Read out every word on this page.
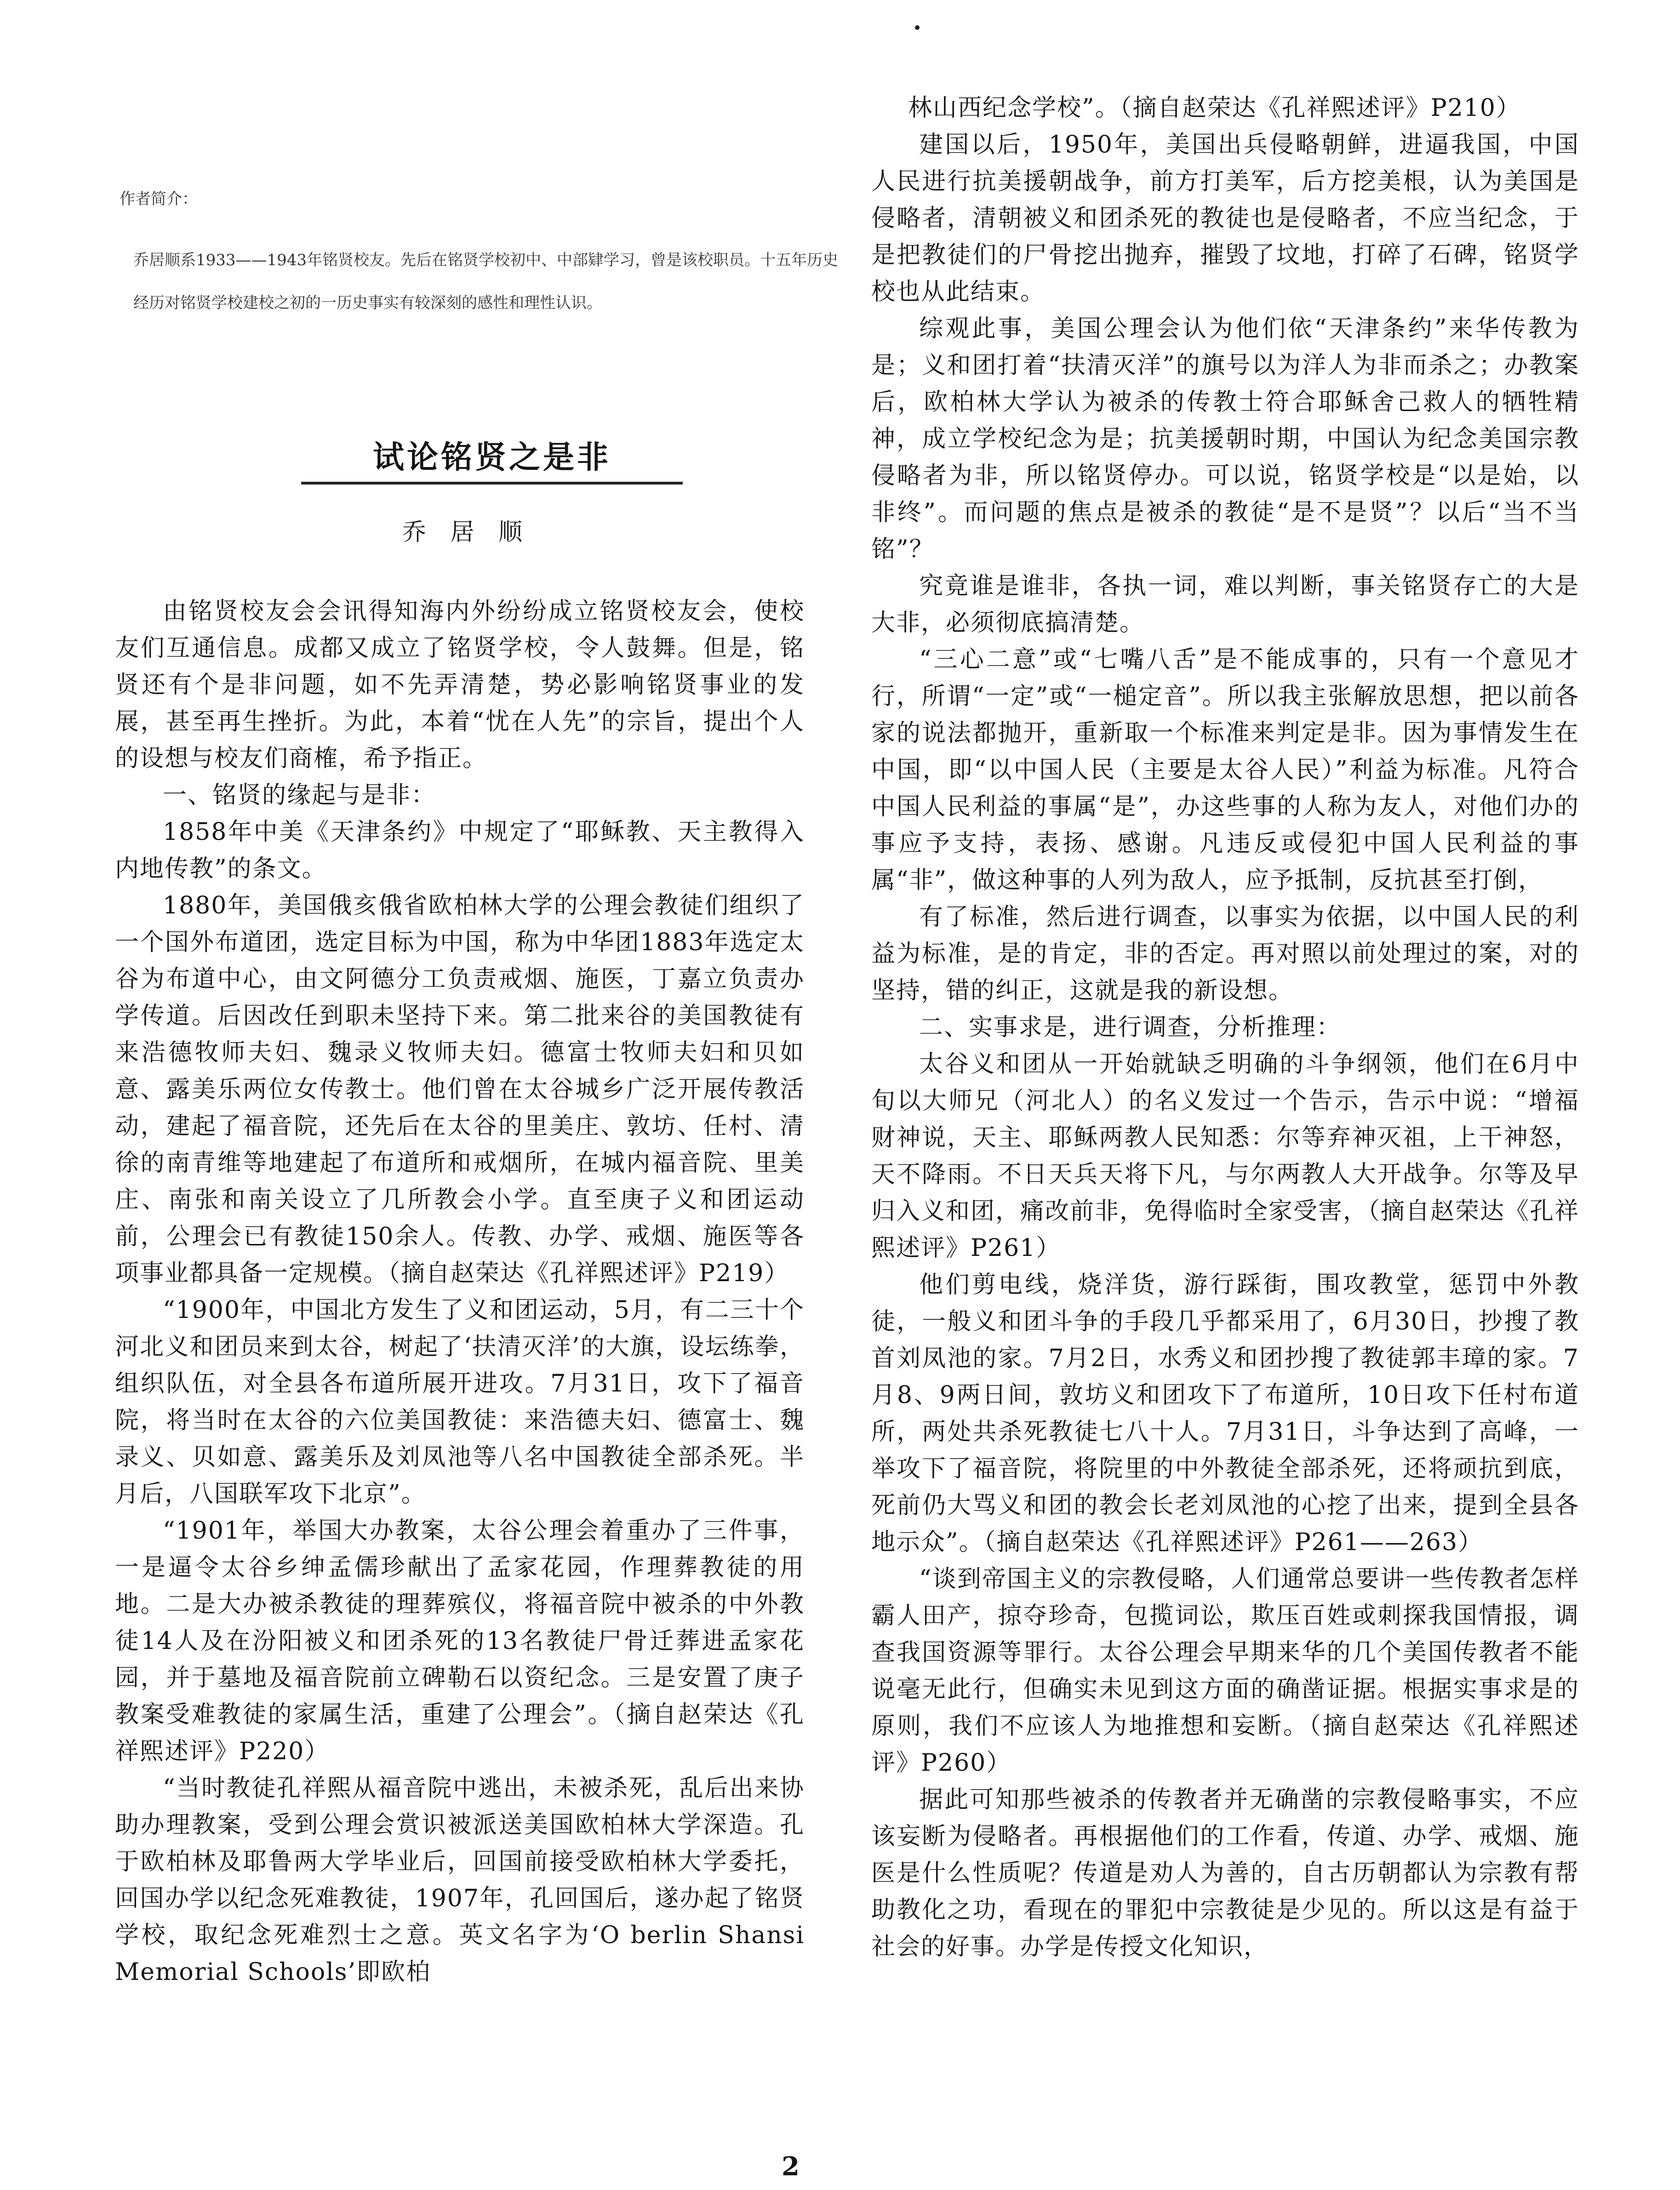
作者简介：
乔居顺系1933——1943年铭贤校友。先后在铭贤学校初中、中部肄学习，曾是该校职员。十五年历史经历对铭贤学校建校之初的一历史事实有较深刻的感性和理性认识。
试论铭贤之是非
乔 居 顺

由铭贤校友会会讯得知海内外纷纷成立铭贤校友会，使校友们互通信息。成都又成立了铭贤学校，令人鼓舞。但是，铭贤还有个是非问题，如不先弄清楚，势必影响铭贤事业的发展，甚至再生挫折。为此，本着“忧在人先”的宗旨，提出个人的设想与校友们商榷，希予指正。

一、铭贤的缘起与是非：

1858年中美《天津条约》中规定了“耶稣教、天主教得入内地传教”的条文。

1880年，美国俄亥俄省欧柏林大学的公理会教徒们组织了一个国外布道团，选定目标为中国，称为中华团1883年选定太谷为布道中心，由文阿德分工负责戒烟、施医，丁嘉立负责办学传道。后因改任到职未坚持下来。第二批来谷的美国教徒有来浩德牧师夫妇、魏录义牧师夫妇。德富士牧师夫妇和贝如意、露美乐两位女传教士。他们曾在太谷城乡广泛开展传教活动，建起了福音院，还先后在太谷的里美庄、敦坊、任村、清徐的南青维等地建起了布道所和戒烟所，在城内福音院、里美庄、南张和南关设立了几所教会小学。直至庚子义和团运动前，公理会已有教徒150余人。传教、办学、戒烟、施医等各项事业都具备一定规模。（摘自赵荣达《孔祥熙述评》P219）

“1900年，中国北方发生了义和团运动，5月，有二三十个河北义和团员来到太谷，树起了‘扶清灭洋’的大旗，设坛练拳，组织队伍，对全县各布道所展开进攻。7月31日，攻下了福音院，将当时在太谷的六位美国教徒：来浩德夫妇、德富士、魏录义、贝如意、露美乐及刘凤池等八名中国教徒全部杀死。半月后，八国联军攻下北京”。

“1901年，举国大办教案，太谷公理会着重办了三件事，一是逼令太谷乡绅孟儒珍献出了孟家花园，作理葬教徒的用地。二是大办被杀教徒的理葬殡仪，将福音院中被杀的中外教徒14人及在汾阳被义和团杀死的13名教徒尸骨迁葬进孟家花园，并于墓地及福音院前立碑勒石以资纪念。三是安置了庚子教案受难教徒的家属生活，重建了公理会”。（摘自赵荣达《孔祥熙述评》P220）

“当时教徒孔祥熙从福音院中逃出，未被杀死，乱后出来协助办理教案，受到公理会赏识被派送美国欧柏林大学深造。孔于欧柏林及耶鲁两大学毕业后，回国前接受欧柏林大学委托，回国办学以纪念死难教徒，1907年，孔回国后，遂办起了铭贤学校，取纪念死难烈士之意。英文名字为‘O berlin Shansi Memorial Schools’即欧柏

林山西纪念学校”。（摘自赵荣达《孔祥熙述评》P210）

建国以后，1950年，美国出兵侵略朝鲜，进逼我国，中国人民进行抗美援朝战争，前方打美军，后方挖美根，认为美国是侵略者，清朝被义和团杀死的教徒也是侵略者，不应当纪念，于是把教徒们的尸骨挖出抛弃，摧毁了坟地，打碎了石碑，铭贤学校也从此结束。

综观此事，美国公理会认为他们依“天津条约”来华传教为是；义和团打着“扶清灭洋”的旗号以为洋人为非而杀之；办教案后，欧柏林大学认为被杀的传教士符合耶稣舍己救人的牺牲精神，成立学校纪念为是；抗美援朝时期，中国认为纪念美国宗教侵略者为非，所以铭贤停办。可以说，铭贤学校是“以是始，以非终”。而问题的焦点是被杀的教徒“是不是贤”？以后“当不当铭”？

究竟谁是谁非，各执一词，难以判断，事关铭贤存亡的大是大非，必须彻底搞清楚。

“三心二意”或“七嘴八舌”是不能成事的，只有一个意见才行，所谓“一定”或“一槌定音”。所以我主张解放思想，把以前各家的说法都抛开，重新取一个标准来判定是非。因为事情发生在中国，即“以中国人民（主要是太谷人民）”利益为标准。凡符合中国人民利益的事属“是”，办这些事的人称为友人，对他们办的事应予支持，表扬、感谢。凡违反或侵犯中国人民利益的事属“非”，做这种事的人列为敌人，应予抵制，反抗甚至打倒，

有了标准，然后进行调查，以事实为依据，以中国人民的利益为标准，是的肯定，非的否定。再对照以前处理过的案，对的坚持，错的纠正，这就是我的新设想。

二、实事求是，进行调查，分析推理：

太谷义和团从一开始就缺乏明确的斗争纲领，他们在6月中旬以大师兄（河北人）的名义发过一个告示，告示中说：“增福财神说，天主、耶稣两教人民知悉：尔等弃神灭祖，上干神怒，天不降雨。不日天兵天将下凡，与尔两教人大开战争。尔等及早归入义和团，痛改前非，免得临时全家受害，（摘自赵荣达《孔祥熙述评》P261）

他们剪电线，烧洋货，游行踩街，围攻教堂，惩罚中外教徒，一般义和团斗争的手段几乎都采用了，6月30日，抄搜了教首刘凤池的家。7月2日，水秀义和团抄搜了教徒郭丰璋的家。7月8、9两日间，敦坊义和团攻下了布道所，10日攻下任村布道所，两处共杀死教徒七八十人。7月31日，斗争达到了高峰，一举攻下了福音院，将院里的中外教徒全部杀死，还将顽抗到底，死前仍大骂义和团的教会长老刘凤池的心挖了出来，提到全县各地示众”。（摘自赵荣达《孔祥熙述评》P261——263）

“谈到帝国主义的宗教侵略，人们通常总要讲一些传教者怎样霸人田产，掠夺珍奇，包揽词讼，欺压百姓或刺探我国情报，调查我国资源等罪行。太谷公理会早期来华的几个美国传教者不能说毫无此行，但确实未见到这方面的确凿证据。根据实事求是的原则，我们不应该人为地推想和妄断。（摘自赵荣达《孔祥熙述评》P260）

据此可知那些被杀的传教者并无确凿的宗教侵略事实，不应该妄断为侵略者。再根据他们的工作看，传道、办学、戒烟、施医是什么性质呢？传道是劝人为善的，自古历朝都认为宗教有帮助教化之功，看现在的罪犯中宗教徒是少见的。所以这是有益于社会的好事。办学是传授文化知识，

2
